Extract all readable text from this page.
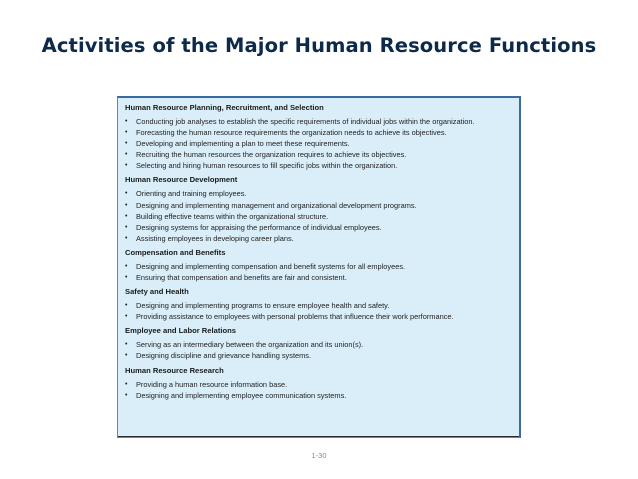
Activities of the Major Human Resource Functions
Human Resource Planning, Recruitment, and Selection
• Conducting job analyses to establish the specific requirements of individual jobs within the organization.
• Forecasting the human resource requirements the organization needs to achieve its objectives.
• Developing and implementing a plan to meet these requirements.
• Recruiting the human resources the organization requires to achieve its objectives.
• Selecting and hiring human resources to fill specific jobs within the organization.
Human Resource Development
• Orienting and training employees.
• Designing and implementing management and organizational development programs.
• Building effective teams within the organizational structure.
• Designing systems for appraising the performance of individual employees.
• Assisting employees in developing career plans.
Compensation and Benefits
• Designing and implementing compensation and benefit systems for all employees.
• Ensuring that compensation and benefits are fair and consistent.
Safety and Health
• Designing and implementing programs to ensure employee health and safety.
• Providing assistance to employees with personal problems that influence their work performance.
Employee and Labor Relations
• Serving as an intermediary between the organization and its union(s).
• Designing discipline and grievance handling systems.
Human Resource Research
• Providing a human resource information base.
• Designing and implementing employee communication systems.
1-30
